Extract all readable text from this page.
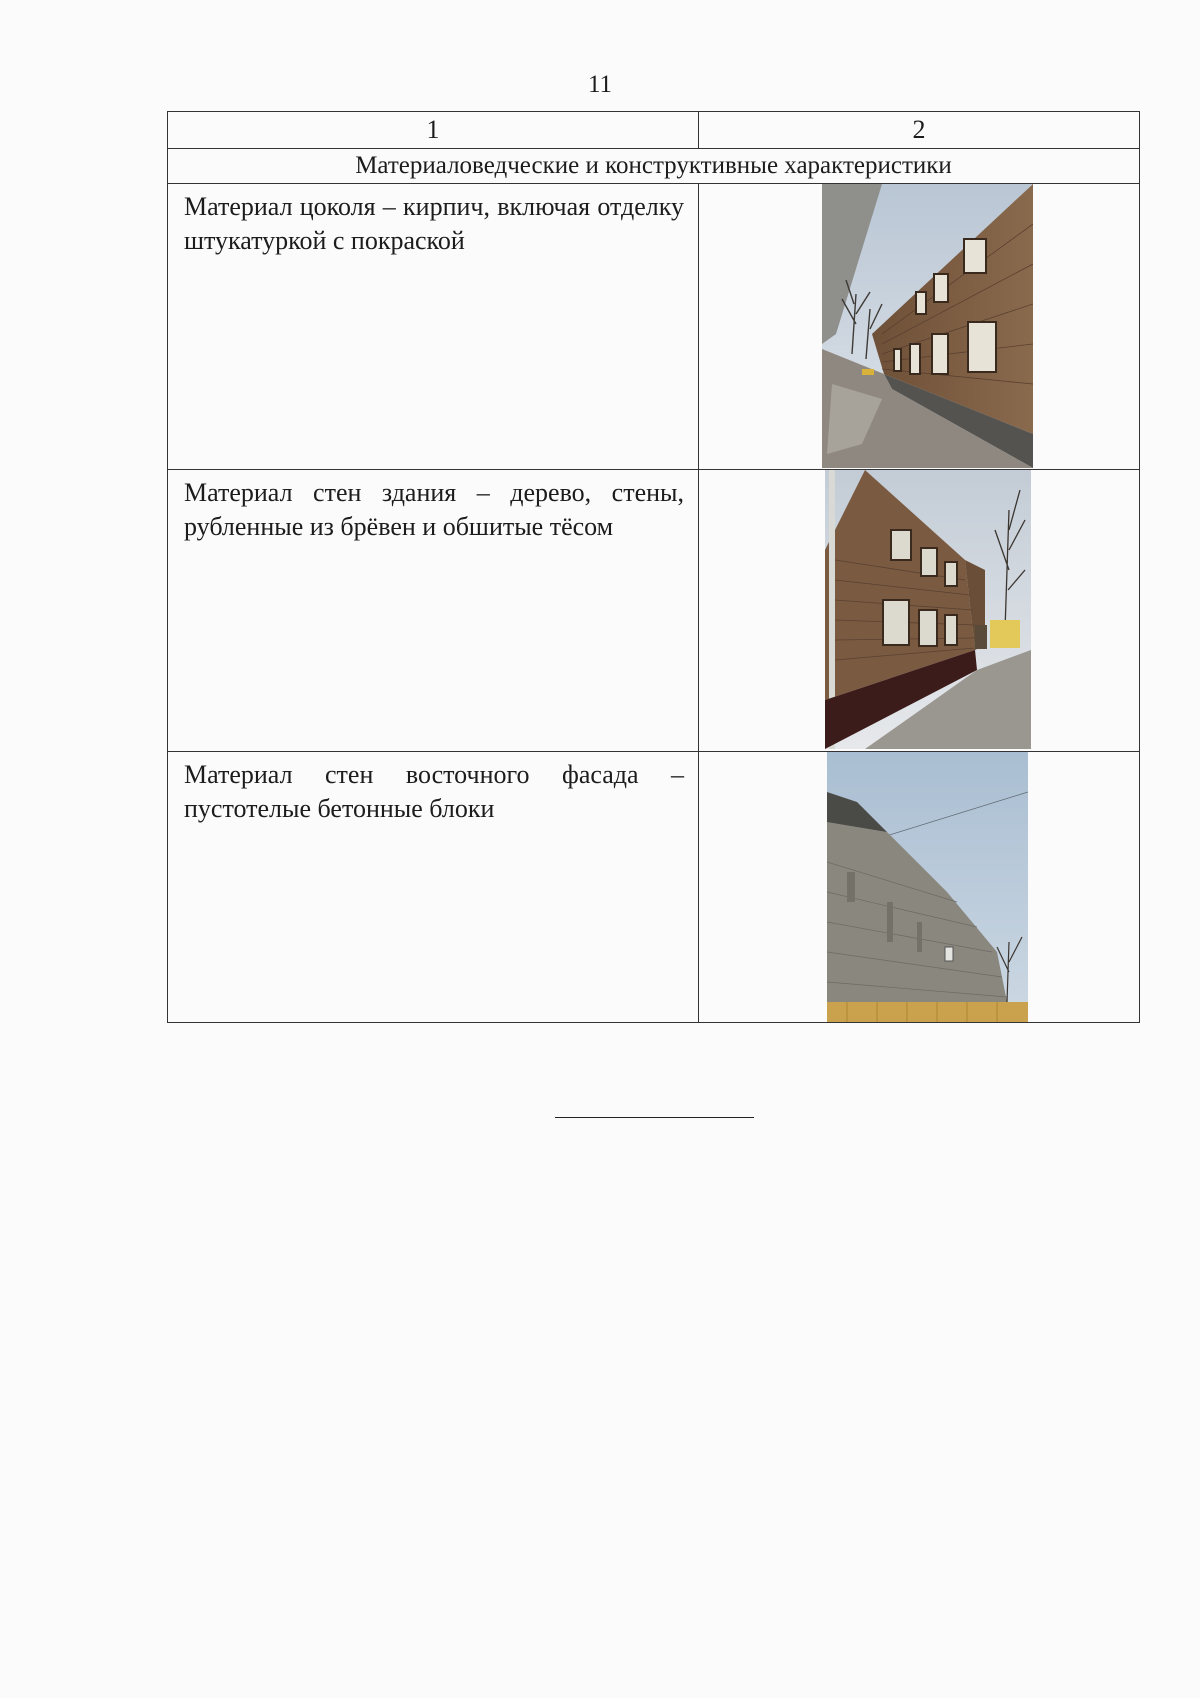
11
1	2
Материаловедческие и конструктивные характеристики	
Материал цоколя – кирпич, включая отделку штукатуркой с покраской	

Материал стен здания – дерево, стены, рубленные из брёвен и обшитые тёсом	

Материал стен восточного фасада – пустотелые бетонные блоки	
